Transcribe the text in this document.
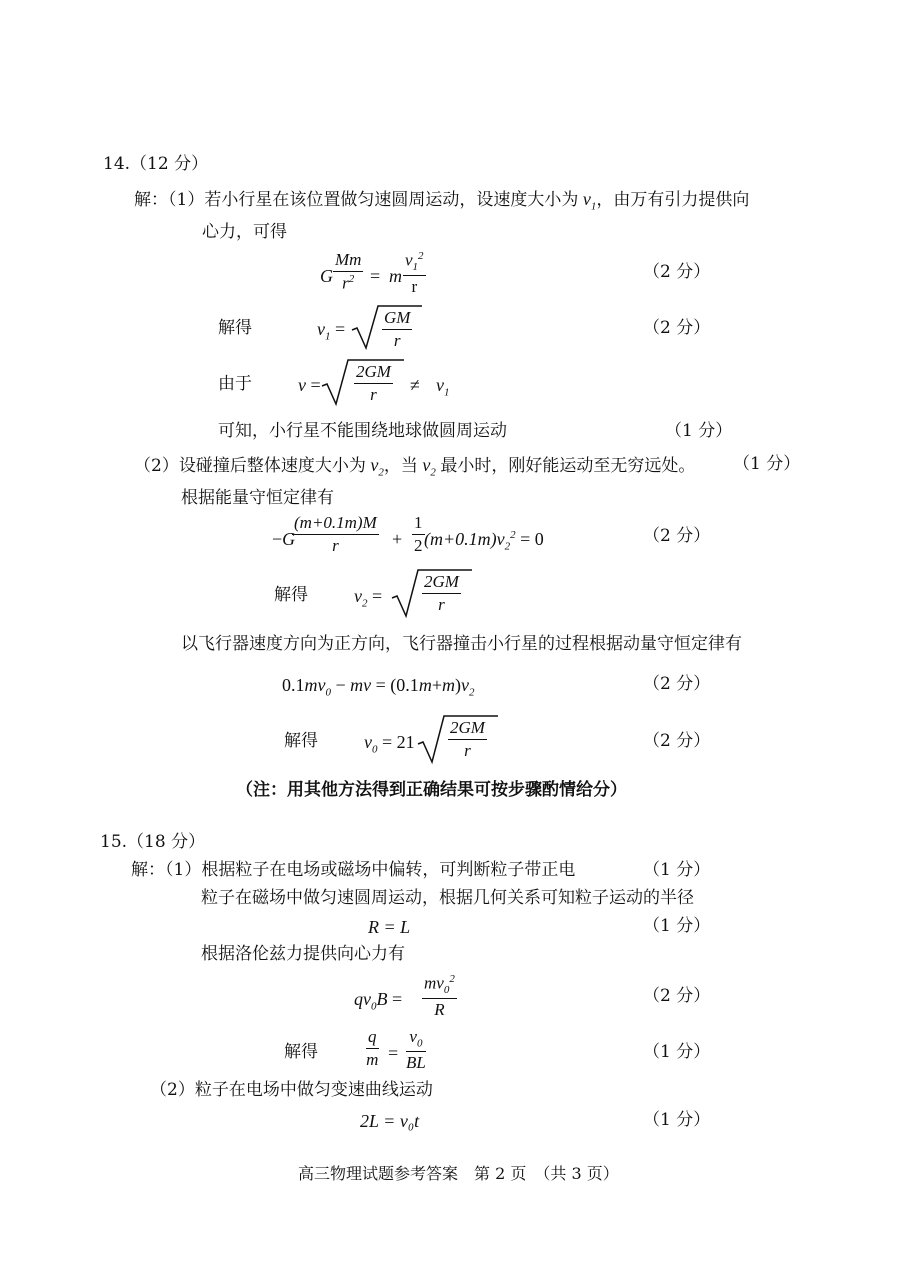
14.（12 分）
解：（1）若小行星在该位置做匀速圆周运动，设速度大小为 $v_1$，由万有引力提供向
心力，可得
G $\frac{Mm}{r^2} = m \frac{v_1^2}{r}$	（2 分）
解得	$v_1 = \frac{GM}{r}$	（2 分）
由于	$v = \frac{2GM}{r} \ne v_1$
可知，小行星不能围绕地球做圆周运动	（1 分）
（2）设碰撞后整体速度大小为 $v_2$，当 $v_2$ 最小时，刚好能运动至无穷远处。 （1 分）
根据能量守恒定律有
−G
$\frac{(m+0.1m)M}{r} + \frac{1}{2} (m+0.1m)v_2^2 = 0$	（2 分）
解得	$v_2 = \frac{2GM}{r}$
以飞行器速度方向为正方向，飞行器撞击小行星的过程根据动量守恒定律有
$0.1mv_0$ − mv = $(0.1m+m)v_2$	（2 分）
解得	$v_0 = 21 \frac{2GM}{r}$	（2 分）
（注：用其他方法得到正确结果可按步骤酌情给分）
15.（18 分）
解：（1）根据粒子在电场或磁场中偏转，可判断粒子带正电	（1 分）
粒子在磁场中做匀速圆周运动，根据几何关系可知粒子运动的半径
R = L	（1 分）
根据洛伦兹力提供向心力有
$qv_0B = \frac{mv_0^2}{R}$	（2 分）
解得	$\frac{q}{m} = \frac{v_0}{BL}$	（1 分）
（2）粒子在电场中做匀变速曲线运动
2L = v₀t	（1 分）
高三物理试题参考答案　第 2 页　（共 3 页）
